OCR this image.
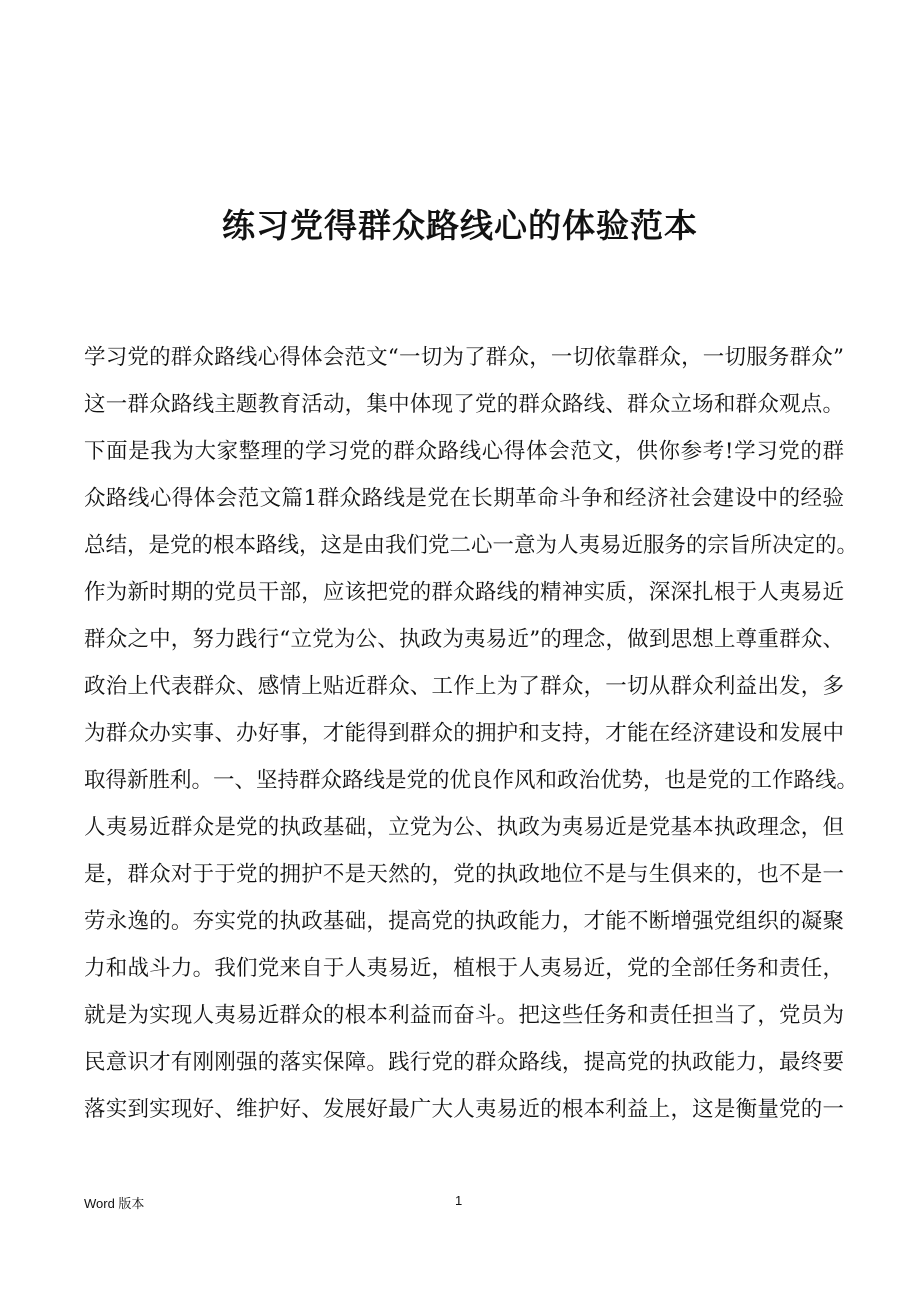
练习党得群众路线心的体验范本
学习党的群众路线心得体会范文“一切为了群众，一切依靠群众，一切服务群众”
这一群众路线主题教育活动，集中体现了党的群众路线、群众立场和群众观点。
下面是我为大家整理的学习党的群众路线心得体会范文，供你参考!学习党的群
众路线心得体会范文篇1群众路线是党在长期革命斗争和经济社会建设中的经验
总结，是党的根本路线，这是由我们党二心一意为人夷易近服务的宗旨所决定的。
作为新时期的党员干部，应该把党的群众路线的精神实质，深深扎根于人夷易近
群众之中，努力践行“立党为公、执政为夷易近”的理念，做到思想上尊重群众、
政治上代表群众、感情上贴近群众、工作上为了群众，一切从群众利益出发，多
为群众办实事、办好事，才能得到群众的拥护和支持，才能在经济建设和发展中
取得新胜利。一、坚持群众路线是党的优良作风和政治优势，也是党的工作路线。
人夷易近群众是党的执政基础，立党为公、执政为夷易近是党基本执政理念，但
是，群众对于于党的拥护不是天然的，党的执政地位不是与生俱来的，也不是一
劳永逸的。夯实党的执政基础，提高党的执政能力，才能不断增强党组织的凝聚
力和战斗力。我们党来自于人夷易近，植根于人夷易近，党的全部任务和责任，
就是为实现人夷易近群众的根本利益而奋斗。把这些任务和责任担当了，党员为
民意识才有刚刚强的落实保障。践行党的群众路线，提高党的执政能力，最终要
落实到实现好、维护好、发展好最广大人夷易近的根本利益上，这是衡量党的一
Word 版本	1
